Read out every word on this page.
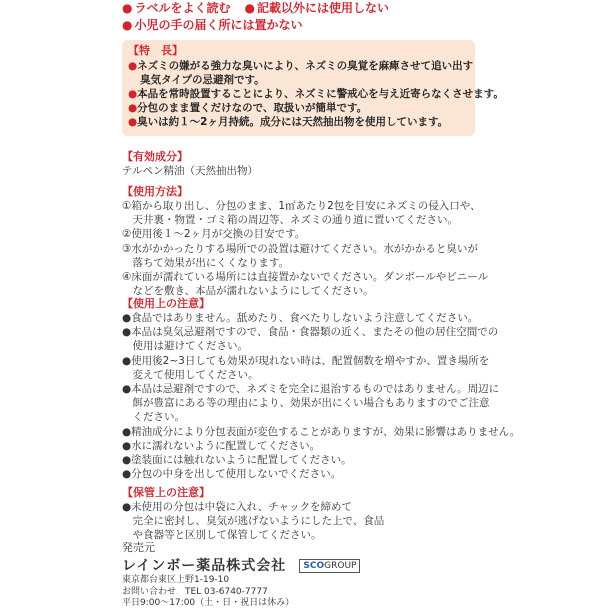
● ラベルをよく読む ● 記載以外には使用しない
● 小児の手の届く所には置かない
【特　長】
●ネズミの嫌がる強力な臭いにより、ネズミの臭覚を麻痺させて追い出す
臭気タイプの忌避剤です。
●本品を常時設置することにより、ネズミに警戒心を与え近寄らなくさせます。
●分包のまま置くだけなので、取扱いが簡単です。
●臭いは約１～2ヶ月持続。成分には天然抽出物を使用しています。
【有効成分】
テルペン精油（天然抽出物）
【使用方法】
①箱から取り出し、分包のまま、1㎡あたり2包を目安にネズミの侵入口や、
　天井裏・物置・ゴミ箱の周辺等、ネズミの通り道に置いてください。
②使用後１～2ヶ月が交換の目安です。
③水がかかったりする場所での設置は避けてください。水がかかると臭いが
　落ちて効果が出にくくなります。
④床面が濡れている場所には直接置かないでください。ダンボールやビニール
　などを敷き、本品が濡れないようにしてください。
【使用上の注意】
●食品ではありません。舐めたり、食べたりしないよう注意してください。
●本品は臭気忌避剤ですので、食品・食器類の近く、またその他の居住空間での
　使用は避けてください。
●使用後2~3日しても効果が現れない時は、配置個数を増やすか、置き場所を
　変えて使用してください。
●本品は忌避剤ですので、ネズミを完全に退治するものではありません。周辺に
　餌が豊富にある等の理由により、効果が出にくい場合もありますのでご注意
　ください。
●精油成分により分包表面が変色することがありますが、効果に影響はありません。
●水に濡れないように配置してください。
●塗装面には触れないように配置してください。
●分包の中身を出して使用しないでください。
【保管上の注意】
●未使用の分包は中袋に入れ、チャックを締めて
　完全に密封し、臭気が逃げないようにした上で、食品
　や食器等と区別して保管してください。
発売元
レインボー薬品株式会社 SCOGROUP
東京都台東区上野1-19-10
お問い合わせ　TEL 03-6740-7777
平日9:00～17:00（土・日・祝日は休み）
